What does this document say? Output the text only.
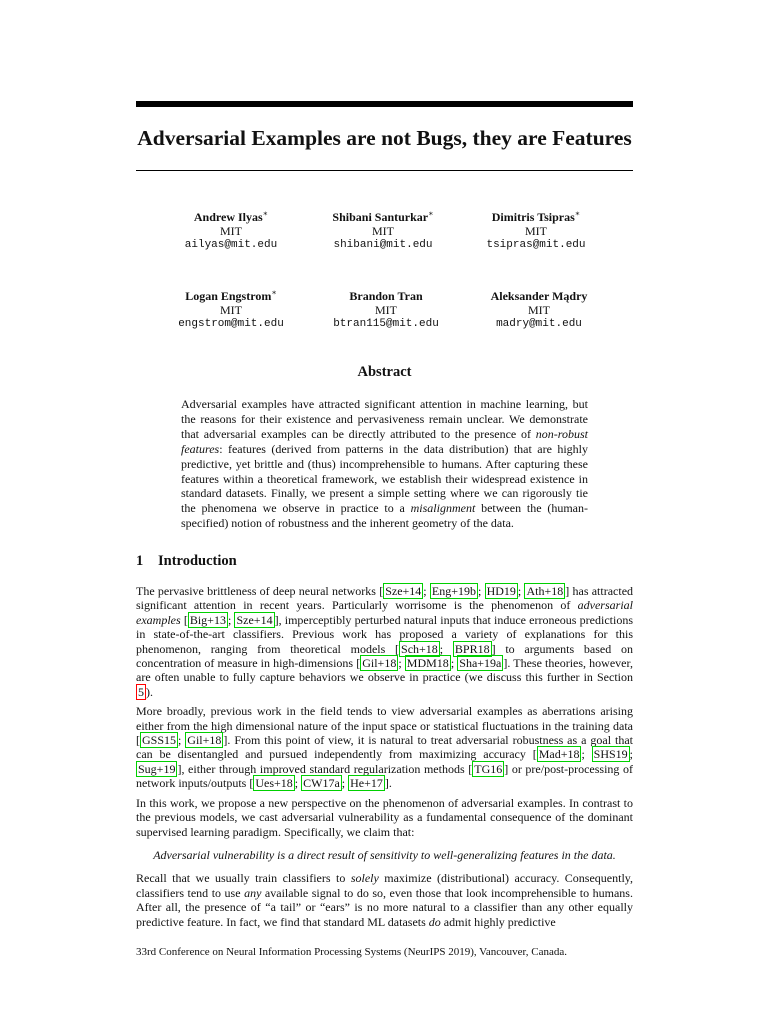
Adversarial Examples are not Bugs, they are Features
Andrew Ilyas∗
MIT
ailyas@mit.edu
Shibani Santurkar∗
MIT
shibani@mit.edu
Dimitris Tsipras∗
MIT
tsipras@mit.edu
Logan Engstrom∗
MIT
engstrom@mit.edu
Brandon Tran
MIT
btran115@mit.edu
Aleksander Mądry
MIT
madry@mit.edu
Abstract
Adversarial examples have attracted significant attention in machine learning, but the reasons for their existence and pervasiveness remain unclear. We demonstrate that adversarial examples can be directly attributed to the presence of non-robust features: features (derived from patterns in the data distribution) that are highly predictive, yet brittle and (thus) incomprehensible to humans. After capturing these features within a theoretical framework, we establish their widespread existence in standard datasets. Finally, we present a simple setting where we can rigorously tie the phenomena we observe in practice to a misalignment between the (human-specified) notion of robustness and the inherent geometry of the data.
1 Introduction

The pervasive brittleness of deep neural networks [ Sze+14 ; Eng+19b ; HD19 ; Ath+18 ] has attracted significant attention in recent years. Particularly worrisome is the phenomenon of adversarial examples [ Big+13 ; Sze+14 ], imperceptibly perturbed natural inputs that induce erroneous predictions in state-of-the-art classifiers. Previous work has proposed a variety of explanations for this phenomenon, ranging from theoretical models [ Sch+18 ; BPR18 ] to arguments based on concentration of measure in high-dimensions [ Gil+18 ; MDM18 ; Sha+19a ]. These theories, however, are often unable to fully capture behaviors we observe in practice (we discuss this further in Section 5 ).

More broadly, previous work in the field tends to view adversarial examples as aberrations arising either from the high dimensional nature of the input space or statistical fluctuations in the training data [ GSS15 ; Gil+18 ]. From this point of view, it is natural to treat adversarial robustness as a goal that can be disentangled and pursued independently from maximizing accuracy [ Mad+18 ; SHS19 ; Sug+19 ], either through improved standard regularization methods [ TG16 ] or pre/post-processing of network inputs/outputs [ Ues+18 ; CW17a ; He+17 ].

In this work, we propose a new perspective on the phenomenon of adversarial examples. In contrast to the previous models, we cast adversarial vulnerability as a fundamental consequence of the dominant supervised learning paradigm. Specifically, we claim that:

Adversarial vulnerability is a direct result of sensitivity to well-generalizing features in the data.

Recall that we usually train classifiers to solely maximize (distributional) accuracy. Consequently, classifiers tend to use any available signal to do so, even those that look incomprehensible to humans. After all, the presence of “a tail” or “ears” is no more natural to a classifier than any other equally predictive feature. In fact, we find that standard ML datasets do admit highly predictive

33rd Conference on Neural Information Processing Systems (NeurIPS 2019), Vancouver, Canada.
